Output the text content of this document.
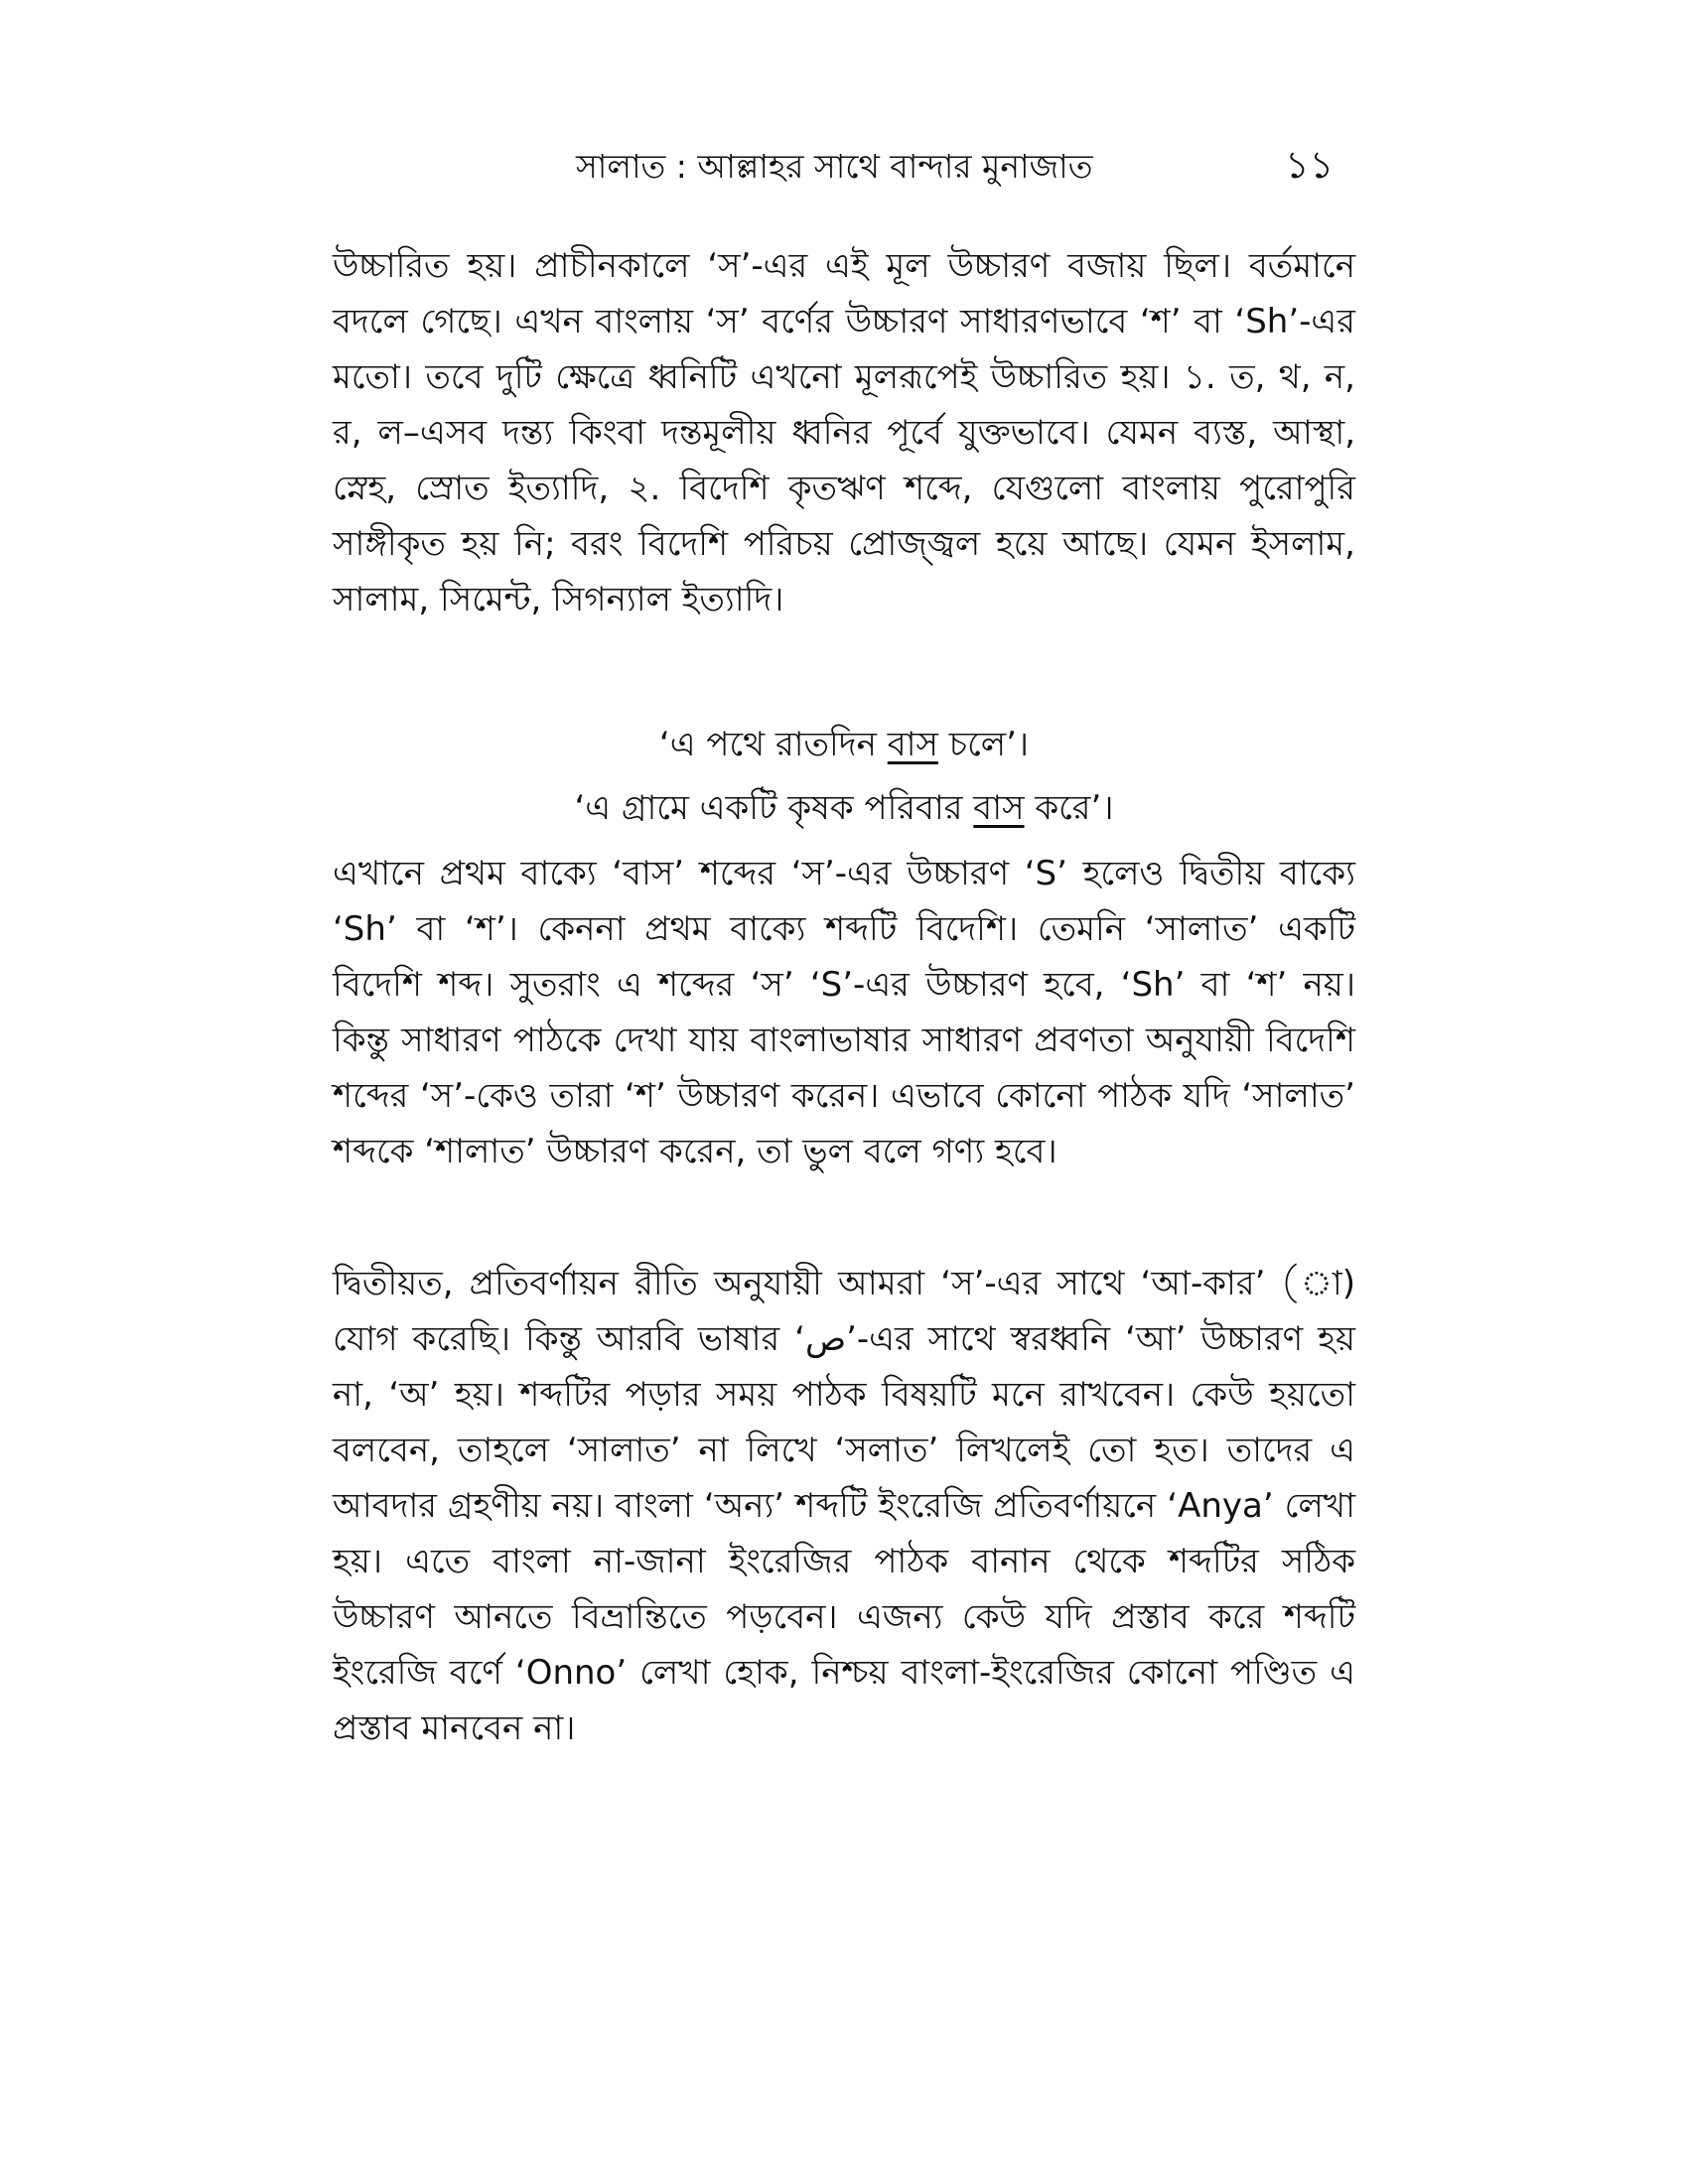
সালাত : আল্লাহর সাথে বান্দার মুনাজাত	১১

উচ্চারিত হয়। প্রাচীনকালে ‘স’-এর এই মূল উচ্চারণ বজায় ছিল। বর্তমানে বদলে গেছে। এখন বাংলায় ‘স’ বর্ণের উচ্চারণ সাধারণভাবে ‘শ’ বা ‘Sh’-এর মতো। তবে দুটি ক্ষেত্রে ধ্বনিটি এখনো মূলরূপেই উচ্চারিত হয়। ১. ত, থ, ন, র, ল–এসব দন্ত্য কিংবা দন্তমূলীয় ধ্বনির পূর্বে যুক্তভাবে। যেমন ব্যস্ত, আস্থা, স্নেহ, স্রোত ইত্যাদি, ২. বিদেশি কৃতঋণ শব্দে, যেগুলো বাংলায় পুরোপুরি সাঙ্গীকৃত হয় নি; বরং বিদেশি পরিচয় প্রোজ্জ্বল হয়ে আছে। যেমন ইসলাম, সালাম, সিমেন্ট, সিগন্যাল ইত্যাদি।

‘এ পথে রাতদিন বাস চলে’।
‘এ গ্রামে একটি কৃষক পরিবার বাস করে’।

এখানে প্রথম বাক্যে ‘বাস’ শব্দের ‘স’-এর উচ্চারণ ‘S’ হলেও দ্বিতীয় বাক্যে ‘Sh’ বা ‘শ’। কেননা প্রথম বাক্যে শব্দটি বিদেশি। তেমনি ‘সালাত’ একটি বিদেশি শব্দ। সুতরাং এ শব্দের ‘স’ ‘S’-এর উচ্চারণ হবে, ‘Sh’ বা ‘শ’ নয়। কিন্তু সাধারণ পাঠকে দেখা যায় বাংলাভাষার সাধারণ প্রবণতা অনুযায়ী বিদেশি শব্দের ‘স’-কেও তারা ‘শ’ উচ্চারণ করেন। এভাবে কোনো পাঠক যদি ‘সালাত’ শব্দকে ‘শালাত’ উচ্চারণ করেন, তা ভুল বলে গণ্য হবে।

দ্বিতীয়ত, প্রতিবর্ণায়ন রীতি অনুযায়ী আমরা ‘স’-এর সাথে ‘আ-কার’ (া) যোগ করেছি। কিন্তু আরবি ভাষার ‘ص’-এর সাথে স্বরধ্বনি ‘আ’ উচ্চারণ হয় না, ‘অ’ হয়। শব্দটির পড়ার সময় পাঠক বিষয়টি মনে রাখবেন। কেউ হয়তো বলবেন, তাহলে ‘সালাত’ না লিখে ‘সলাত’ লিখলেই তো হত। তাদের এ আবদার গ্রহণীয় নয়। বাংলা ‘অন্য’ শব্দটি ইংরেজি প্রতিবর্ণায়নে ‘Anya’ লেখা হয়। এতে বাংলা না-জানা ইংরেজির পাঠক বানান থেকে শব্দটির সঠিক উচ্চারণ আনতে বিভ্রান্তিতে পড়বেন। এজন্য কেউ যদি প্রস্তাব করে শব্দটি ইংরেজি বর্ণে ‘Onno’ লেখা হোক, নিশ্চয় বাংলা-ইংরেজির কোনো পণ্ডিত এ প্রস্তাব মানবেন না।
